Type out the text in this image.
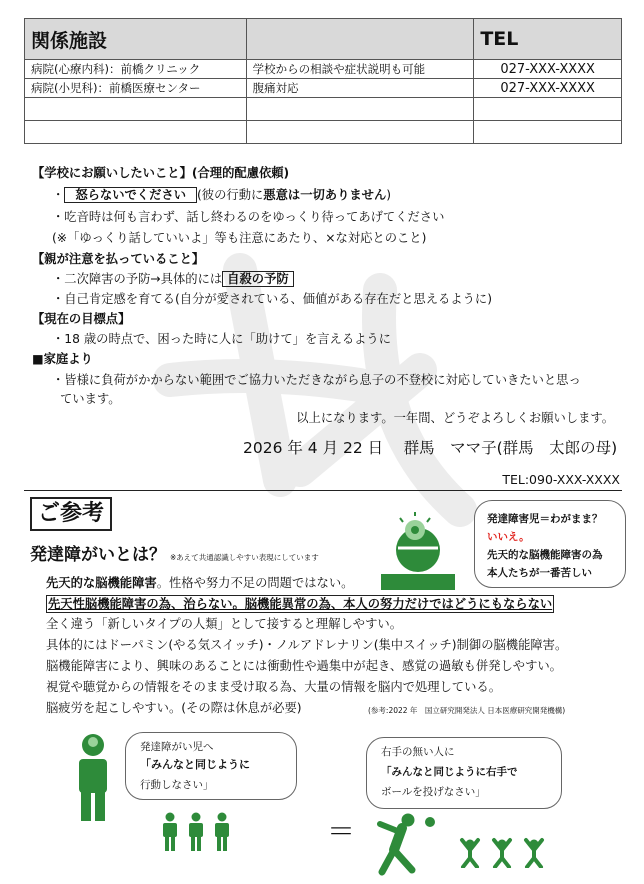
関係施設		TEL
病院(心療内科)：前橋クリニック	学校からの相談や症状説明も可能	027-XXX-XXXX
病院(小児科)：前橋医療センター	腹痛対応	027-XXX-XXXX

【学校にお願いしたいこと】(合理的配慮依頼)
・ 怒らないでください (彼の行動に悪意は一切ありません)
・吃音時は何も言わず、話し終わるのをゆっくり待ってあげてください
(※「ゆっくり話していいよ」等も注意にあたり、×な対応とのこと)
【親が注意を払っていること】
・二次障害の予防→具体的には 自殺の予防
・自己肯定感を育てる(自分が愛されている、価値がある存在だと思えるように)
【現在の目標点】
・18 歳の時点で、困った時に人に「助けて」を言えるように
■家庭より
・皆様に負荷がかからない範囲でご協力いただきながら息子の不登校に対応していきたいと思っ
ています。
以上になります。一年間、どうぞよろしくお願いします。
2026 年 4 月 22 日　 群馬　ママ子(群馬　太郎の母)
TEL:090-XXX-XXXX
ご参考
発達障がいとは？ ※あえて共通認識しやすい表現にしています
発達障害児＝わがまま？
いいえ。
先天的な脳機能障害の為
本人たちが一番苦しい
先天的な脳機能障害。性格や努力不足の問題ではない。
先天性脳機能障害の為、治らない。脳機能異常の為、本人の努力だけではどうにもならない
全く違う「新しいタイプの人類」として接すると理解しやすい。
具体的にはドーパミン(やる気スイッチ)・ノルアドレナリン(集中スイッチ)制御の脳機能障害。
脳機能障害により、興味のあることには衝動性や過集中が起き、感覚の過敏も併発しやすい。
視覚や聴覚からの情報をそのまま受け取る為、大量の情報を脳内で処理している。
脳疲労を起こしやすい。(その際は休息が必要)	(参考:2022 年　国立研究開発法人 日本医療研究開発機構)
発達障がい児へ
「みんなと同じように
行動しなさい」
＝
右手の無い人に
「みんなと同じように右手で
ボールを投げなさい」
